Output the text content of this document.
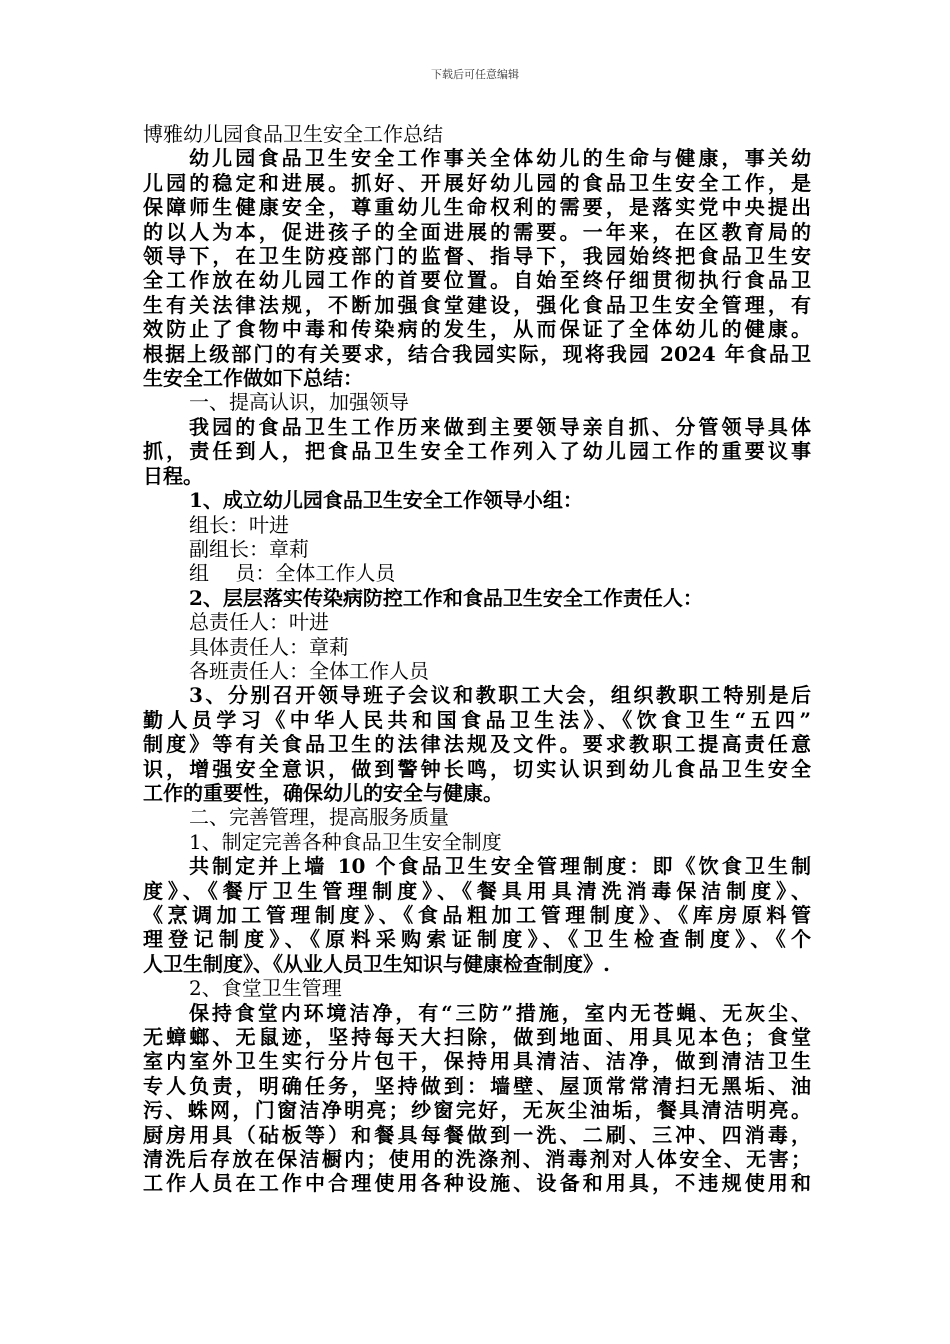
下载后可任意编辑
博雅幼儿园食品卫生安全工作总结
幼儿园食品卫生安全工作事关全体幼儿的生命与健康，事关幼
儿园的稳定和进展。抓好、开展好幼儿园的食品卫生安全工作，是
保障师生健康安全，尊重幼儿生命权利的需要，是落实党中央提出
的以人为本，促进孩子的全面进展的需要。一年来，在区教育局的
领导下，在卫生防疫部门的监督、指导下，我园始终把食品卫生安
全工作放在幼儿园工作的首要位置。自始至终仔细贯彻执行食品卫
生有关法律法规，不断加强食堂建设，强化食品卫生安全管理，有
效防止了食物中毒和传染病的发生，从而保证了全体幼儿的健康。
根据上级部门的有关要求，结合我园实际，现将我园 2024 年食品卫
生安全工作做如下总结：
一、提高认识，加强领导
我园的食品卫生工作历来做到主要领导亲自抓、分管领导具体
抓，责任到人，把食品卫生安全工作列入了幼儿园工作的重要议事
日程。
1、成立幼儿园食品卫生安全工作领导小组：
组长：叶进
副组长：章莉
组　 员：全体工作人员
2、层层落实传染病防控工作和食品卫生安全工作责任人：
总责任人：叶进
具体责任人：章莉
各班责任人：全体工作人员
3、分别召开领导班子会议和教职工大会，组织教职工特别是后
勤人员学习《中华人民共和国食品卫生法》、《饮食卫生“五四”
制度》等有关食品卫生的法律法规及文件。要求教职工提高责任意
识，增强安全意识，做到警钟长鸣，切实认识到幼儿食品卫生安全
工作的重要性，确保幼儿的安全与健康。
二、完善管理，提高服务质量
1、制定完善各种食品卫生安全制度
共制定并上墙 10 个食品卫生安全管理制度：即《饮食卫生制
度》、《餐厅卫生管理制度》、《餐具用具清洗消毒保洁制度》、
《烹调加工管理制度》、《食品粗加工管理制度》、《库房原料管
理登记制度》、《原料采购索证制度》、《卫生检查制度》、《个
人卫生制度》、《从业人员卫生知识与健康检查制度》.
2、食堂卫生管理
保持食堂内环境洁净，有“三防”措施，室内无苍蝇、无灰尘、
无蟑螂、无鼠迹，坚持每天大扫除，做到地面、用具见本色；食堂
室内室外卫生实行分片包干，保持用具清洁、洁净，做到清洁卫生
专人负责，明确任务，坚持做到：墙壁、屋顶常常清扫无黑垢、油
污、蛛网，门窗洁净明亮；纱窗完好，无灰尘油垢，餐具清洁明亮。
厨房用具（砧板等）和餐具每餐做到一洗、二刷、三冲、四消毒，
清洗后存放在保洁橱内；使用的洗涤剂、消毒剂对人体安全、无害；
工作人员在工作中合理使用各种设施、设备和用具，不违规使用和
